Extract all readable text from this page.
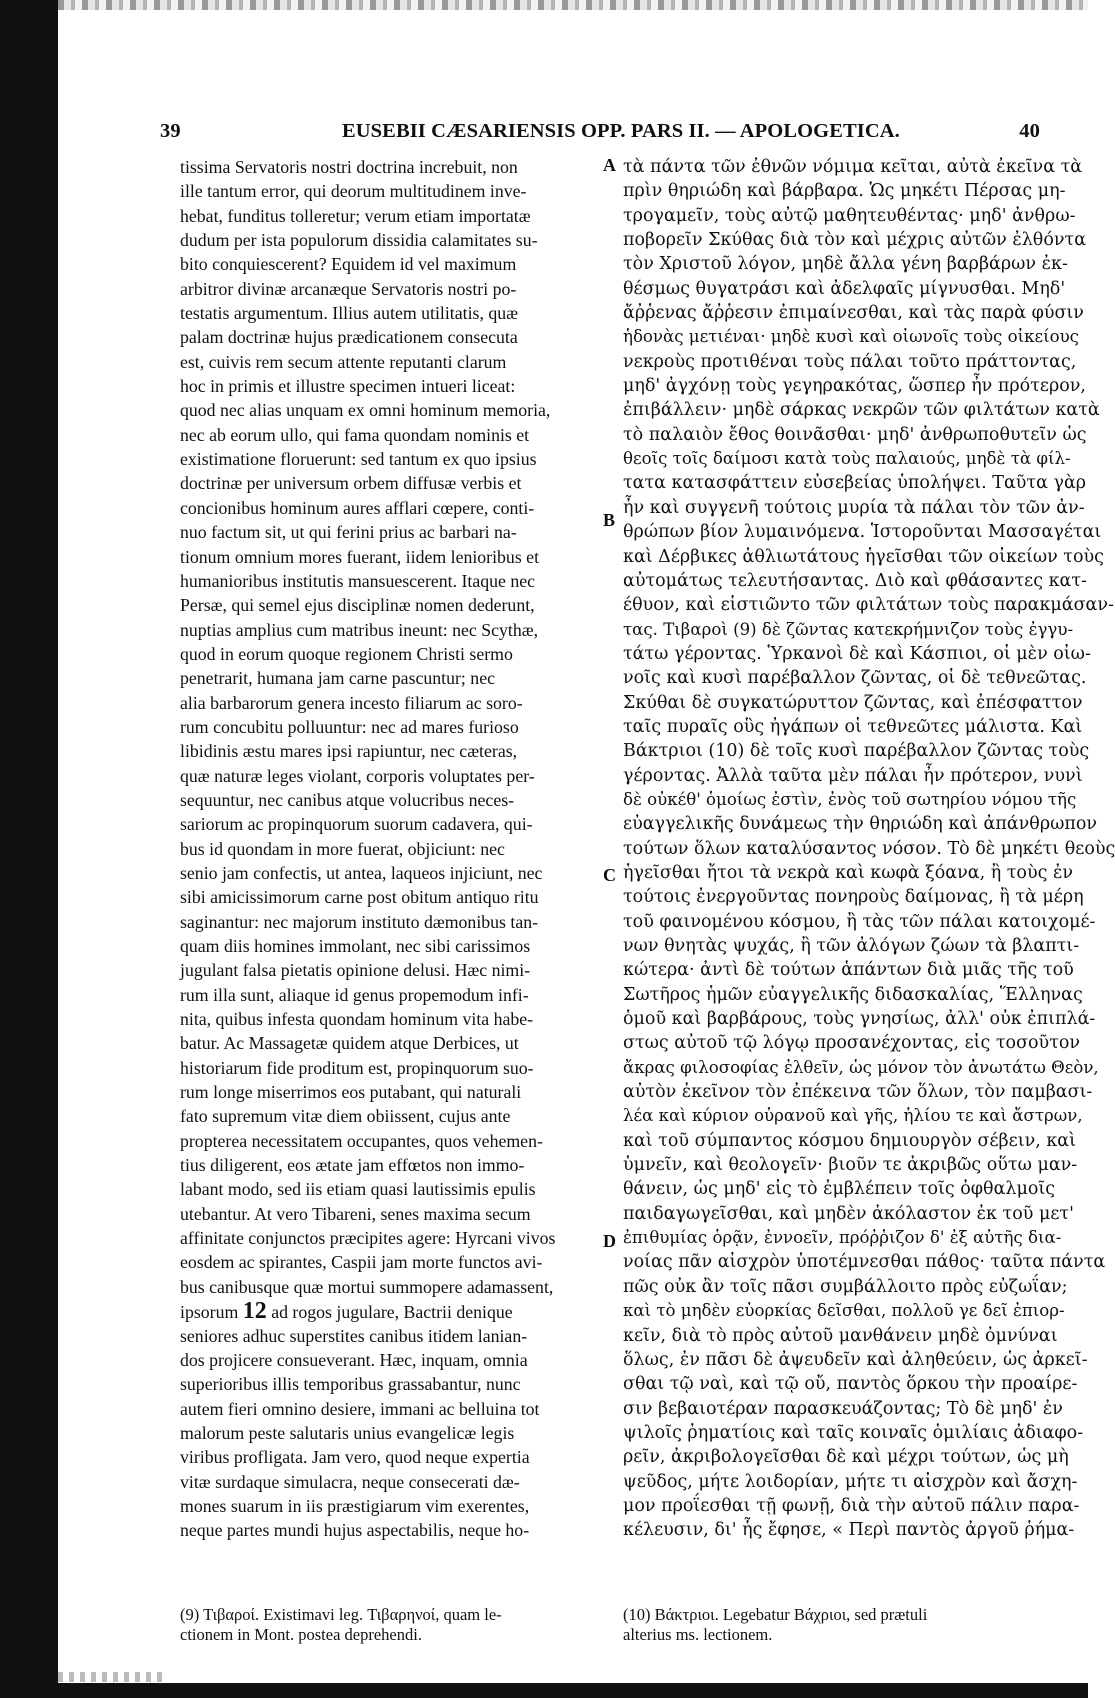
39	EUSEBII CÆSARIENSIS OPP. PARS II. — APOLOGETICA.	40
tissima Servatoris nostri doctrina increbuit, non
ille tantum error, qui deorum multitudinem inve-
hebat, funditus tolleretur; verum etiam importatæ
dudum per ista populorum dissidia calamitates su-
bito conquiescerent? Equidem id vel maximum
arbitror divinæ arcanæque Servatoris nostri po-
testatis argumentum. Illius autem utilitatis, quæ
palam doctrinæ hujus prædicationem consecuta
est, cuivis rem secum attente reputanti clarum
hoc in primis et illustre specimen intueri liceat:
quod nec alias unquam ex omni hominum memoria,
nec ab eorum ullo, qui fama quondam nominis et
existimatione floruerunt: sed tantum ex quo ipsius
doctrinæ per universum orbem diffusæ verbis et
concionibus hominum aures afflari cœpere, conti-
nuo factum sit, ut qui ferini prius ac barbari na-
tionum omnium mores fuerant, iidem lenioribus et
humanioribus institutis mansuescerent. Itaque nec
Persæ, qui semel ejus disciplinæ nomen dederunt,
nuptias amplius cum matribus ineunt: nec Scythæ,
quod in eorum quoque regionem Christi sermo
penetrarit, humana jam carne pascuntur; nec
alia barbarorum genera incesto filiarum ac soro-
rum concubitu polluuntur: nec ad mares furioso
libidinis æstu mares ipsi rapiuntur, nec cæteras,
quæ naturæ leges violant, corporis voluptates per-
sequuntur, nec canibus atque volucribus neces-
sariorum ac propinquorum suorum cadavera, qui-
bus id quondam in more fuerat, objiciunt: nec
senio jam confectis, ut antea, laqueos injiciunt, nec
sibi amicissimorum carne post obitum antiquo ritu
saginantur: nec majorum instituto dæmonibus tan-
quam diis homines immolant, nec sibi carissimos
jugulant falsa pietatis opinione delusi. Hæc nimi-
rum illa sunt, aliaque id genus propemodum infi-
nita, quibus infesta quondam hominum vita habe-
batur. Ac Massagetæ quidem atque Derbices, ut
historiarum fide proditum est, propinquorum suo-
rum longe miserrimos eos putabant, qui naturali
fato supremum vitæ diem obiissent, cujus ante
propterea necessitatem occupantes, quos vehemen-
tius diligerent, eos ætate jam effœtos non immo-
labant modo, sed iis etiam quasi lautissimis epulis
utebantur. At vero Tibareni, senes maxima secum
affinitate conjunctos præcipites agere: Hyrcani vivos
eosdem ac spirantes, Caspii jam morte functos avi-
bus canibusque quæ mortui summopere adamassent,
ipsorum 12 ad rogos jugulare, Bactrii denique
seniores adhuc superstites canibus itidem lanian-
dos projicere consueverant. Hæc, inquam, omnia
superioribus illis temporibus grassabantur, nunc
autem fieri omnino desiere, immani ac belluina tot
malorum peste salutaris unius evangelicæ legis
viribus profligata. Jam vero, quod neque expertia
vitæ surdaque simulacra, neque consecerati dæ-
mones suarum in iis præstigiarum vim exerentes,
neque partes mundi hujus aspectabilis, neque ho-
τὰ πάντα τῶν ἐθνῶν νόμιμα κεῖται, αὐτὰ ἐκεῖνα τὰ
πρὶν θηριώδη καὶ βάρβαρα. Ὡς μηκέτι Πέρσας μη-
τρογαμεῖν, τοὺς αὐτῷ μαθητευθέντας· μηδ' ἀνθρω-
ποβορεῖν Σκύθας διὰ τὸν καὶ μέχρις αὐτῶν ἐλθόντα
τὸν Χριστοῦ λόγον, μηδὲ ἄλλα γένη βαρβάρων ἐκ-
θέσμως θυγατράσι καὶ ἀδελφαῖς μίγνυσθαι. Μηδ'
ἄῤῥενας ἄῤῥεσιν ἐπιμαίνεσθαι, καὶ τὰς παρὰ φύσιν
ἡδονὰς μετιέναι· μηδὲ κυσὶ καὶ οἰωνοῖς τοὺς οἰκείους
νεκροὺς προτιθέναι τοὺς πάλαι τοῦτο πράττοντας,
μηδ' ἀγχόνῃ τοὺς γεγηρακότας, ὥσπερ ἦν πρότερον,
ἐπιβάλλειν· μηδὲ σάρκας νεκρῶν τῶν φιλτάτων κατὰ
τὸ παλαιὸν ἔθος θοινᾶσθαι· μηδ' ἀνθρωποθυτεῖν ὡς
θεοῖς τοῖς δαίμοσι κατὰ τοὺς παλαιούς, μηδὲ τὰ φίλ-
τατα κατασφάττειν εὐσεβείας ὑπολήψει. Ταῦτα γὰρ
ἦν καὶ συγγενῆ τούτοις μυρία τὰ πάλαι τὸν τῶν ἀν-
θρώπων βίον λυμαινόμενα. Ἱστοροῦνται Μασσαγέται
καὶ Δέρβικες ἀθλιωτάτους ἡγεῖσθαι τῶν οἰκείων τοὺς
αὐτομάτως τελευτήσαντας. Διὸ καὶ φθάσαντες κατ-
έθυον, καὶ εἱστιῶντο τῶν φιλτάτων τοὺς παρακμάσαν-
τας. Τιβαροὶ (9) δὲ ζῶντας κατεκρήμνιζον τοὺς ἐγγυ-
τάτω γέροντας. Ὑρκανοὶ δὲ καὶ Κάσπιοι, οἱ μὲν οἰω-
νοῖς καὶ κυσὶ παρέβαλλον ζῶντας, οἱ δὲ τεθνεῶτας.
Σκύθαι δὲ συγκατώρυττον ζῶντας, καὶ ἐπέσφαττον
ταῖς πυραῖς οὓς ἠγάπων οἱ τεθνεῶτες μάλιστα. Καὶ
Βάκτριοι (10) δὲ τοῖς κυσὶ παρέβαλλον ζῶντας τοὺς
γέροντας. Ἀλλὰ ταῦτα μὲν πάλαι ἦν πρότερον, νυνὶ
δὲ οὐκέθ' ὁμοίως ἐστὶν, ἐνὸς τοῦ σωτηρίου νόμου τῆς
εὐαγγελικῆς δυνάμεως τὴν θηριώδη καὶ ἀπάνθρωπον
τούτων ὅλων καταλύσαντος νόσον. Τὸ δὲ μηκέτι θεοὺς
ἡγεῖσθαι ἤτοι τὰ νεκρὰ καὶ κωφὰ ξόανα, ἢ τοὺς ἐν
τούτοις ἐνεργοῦντας πονηροὺς δαίμονας, ἢ τὰ μέρη
τοῦ φαινομένου κόσμου, ἢ τὰς τῶν πάλαι κατοιχομέ-
νων θνητὰς ψυχάς, ἢ τῶν ἀλόγων ζώων τὰ βλαπτι-
κώτερα· ἀντὶ δὲ τούτων ἁπάντων διὰ μιᾶς τῆς τοῦ
Σωτῆρος ἡμῶν εὐαγγελικῆς διδασκαλίας, Ἕλληνας
ὁμοῦ καὶ βαρβάρους, τοὺς γνησίως, ἀλλ' οὐκ ἐπιπλά-
στως αὐτοῦ τῷ λόγῳ προσανέχοντας, εἰς τοσοῦτον
ἄκρας φιλοσοφίας ἐλθεῖν, ὡς μόνον τὸν ἀνωτάτω Θεὸν,
αὐτὸν ἐκεῖνον τὸν ἐπέκεινα τῶν ὅλων, τὸν παμβασι-
λέα καὶ κύριον οὐρανοῦ καὶ γῆς, ἡλίου τε καὶ ἄστρων,
καὶ τοῦ σύμπαντος κόσμου δημιουργὸν σέβειν, καὶ
ὑμνεῖν, καὶ θεολογεῖν· βιοῦν τε ἀκριβῶς οὕτω μαν-
θάνειν, ὡς μηδ' εἰς τὸ ἐμβλέπειν τοῖς ὀφθαλμοῖς
παιδαγωγεῖσθαι, καὶ μηδὲν ἀκόλαστον ἐκ τοῦ μετ'
ἐπιθυμίας ὁρᾷν, ἐννοεῖν, πρόῤῥιζον δ' ἐξ αὐτῆς δια-
νοίας πᾶν αἰσχρὸν ὑποτέμνεσθαι πάθος· ταῦτα πάντα
πῶς οὐκ ἂν τοῖς πᾶσι συμβάλλοιτο πρὸς εὐζωΐαν;
καὶ τὸ μηδὲν εὐορκίας δεῖσθαι, πολλοῦ γε δεῖ ἐπιορ-
κεῖν, διὰ τὸ πρὸς αὐτοῦ μανθάνειν μηδὲ ὀμνύναι
ὅλως, ἐν πᾶσι δὲ ἀψευδεῖν καὶ ἀληθεύειν, ὡς ἀρκεῖ-
σθαι τῷ ναὶ, καὶ τῷ οὔ, παντὸς ὅρκου τὴν προαίρε-
σιν βεβαιοτέραν παρασκευάζοντας; Τὸ δὲ μηδ' ἐν
ψιλοῖς ῥηματίοις καὶ ταῖς κοιναῖς ὁμιλίαις ἀδιαφο-
ρεῖν, ἀκριβολογεῖσθαι δὲ καὶ μέχρι τούτων, ὡς μὴ
ψεῦδος, μήτε λοιδορίαν, μήτε τι αἰσχρὸν καὶ ἄσχη-
μον προΐεσθαι τῇ φωνῇ, διὰ τὴν αὐτοῦ πάλιν παρα-
κέλευσιν, δι' ἧς ἔφησε, « Περὶ παντὸς ἀργοῦ ῥήμα-
A
B
C
D
(9) Τιβαροί. Existimavi leg. Τιβαρηνοί, quam le-
ctionem in Mont. postea deprehendi.
(10) Βάκτριοι. Legebatur Βάχριοι, sed prætuli
alterius ms. lectionem.
